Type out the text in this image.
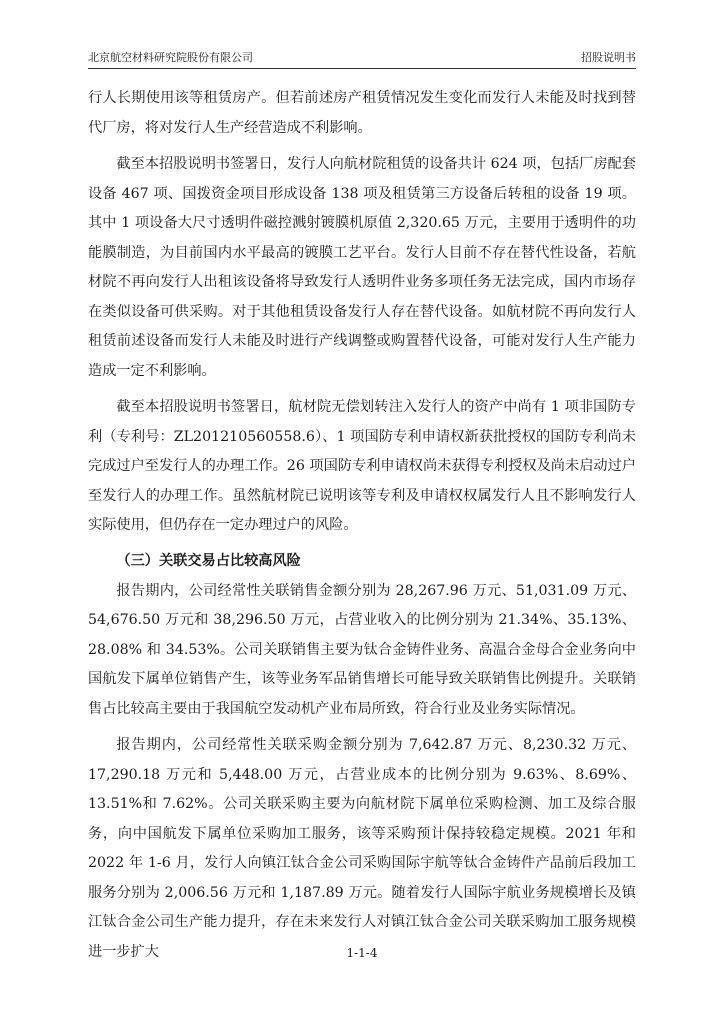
北京航空材料研究院股份有限公司	招股说明书

行人长期使用该等租赁房产。但若前述房产租赁情况发生变化而发行人未能及时找到替代厂房，将对发行人生产经营造成不利影响。

截至本招股说明书签署日，发行人向航材院租赁的设备共计 624 项，包括厂房配套设备 467 项、国拨资金项目形成设备 138 项及租赁第三方设备后转租的设备 19 项。其中 1 项设备大尺寸透明件磁控溅射镀膜机原值 2,320.65 万元，主要用于透明件的功能膜制造，为目前国内水平最高的镀膜工艺平台。发行人目前不存在替代性设备，若航材院不再向发行人出租该设备将导致发行人透明件业务多项任务无法完成，国内市场存在类似设备可供采购。对于其他租赁设备发行人存在替代设备。如航材院不再向发行人租赁前述设备而发行人未能及时进行产线调整或购置替代设备，可能对发行人生产能力造成一定不利影响。

截至本招股说明书签署日，航材院无偿划转注入发行人的资产中尚有 1 项非国防专利（专利号：ZL201210560558.6）、1 项国防专利申请权新获批授权的国防专利尚未完成过户至发行人的办理工作。26 项国防专利申请权尚未获得专利授权及尚未启动过户至发行人的办理工作。虽然航材院已说明该等专利及申请权权属发行人且不影响发行人实际使用，但仍存在一定办理过户的风险。

（三）关联交易占比较高风险

报告期内，公司经常性关联销售金额分别为 28,267.96 万元、51,031.09 万元、54,676.50 万元和 38,296.50 万元，占营业收入的比例分别为 21.34%、35.13%、28.08% 和 34.53%。公司关联销售主要为钛合金铸件业务、高温合金母合金业务向中国航发下属单位销售产生，该等业务军品销售增长可能导致关联销售比例提升。关联销售占比较高主要由于我国航空发动机产业布局所致，符合行业及业务实际情况。

报告期内，公司经常性关联采购金额分别为 7,642.87 万元、8,230.32 万元、17,290.18 万元和 5,448.00 万元，占营业成本的比例分别为 9.63%、8.69%、13.51%和 7.62%。公司关联采购主要为向航材院下属单位采购检测、加工及综合服务，向中国航发下属单位采购加工服务，该等采购预计保持较稳定规模。2021 年和 2022 年 1-6 月，发行人向镇江钛合金公司采购国际宇航等钛合金铸件产品前后段加工服务分别为 2,006.56 万元和 1,187.89 万元。随着发行人国际宇航业务规模增长及镇江钛合金公司生产能力提升，存在未来发行人对镇江钛合金公司关联采购加工服务规模进一步扩大	1-1-4
